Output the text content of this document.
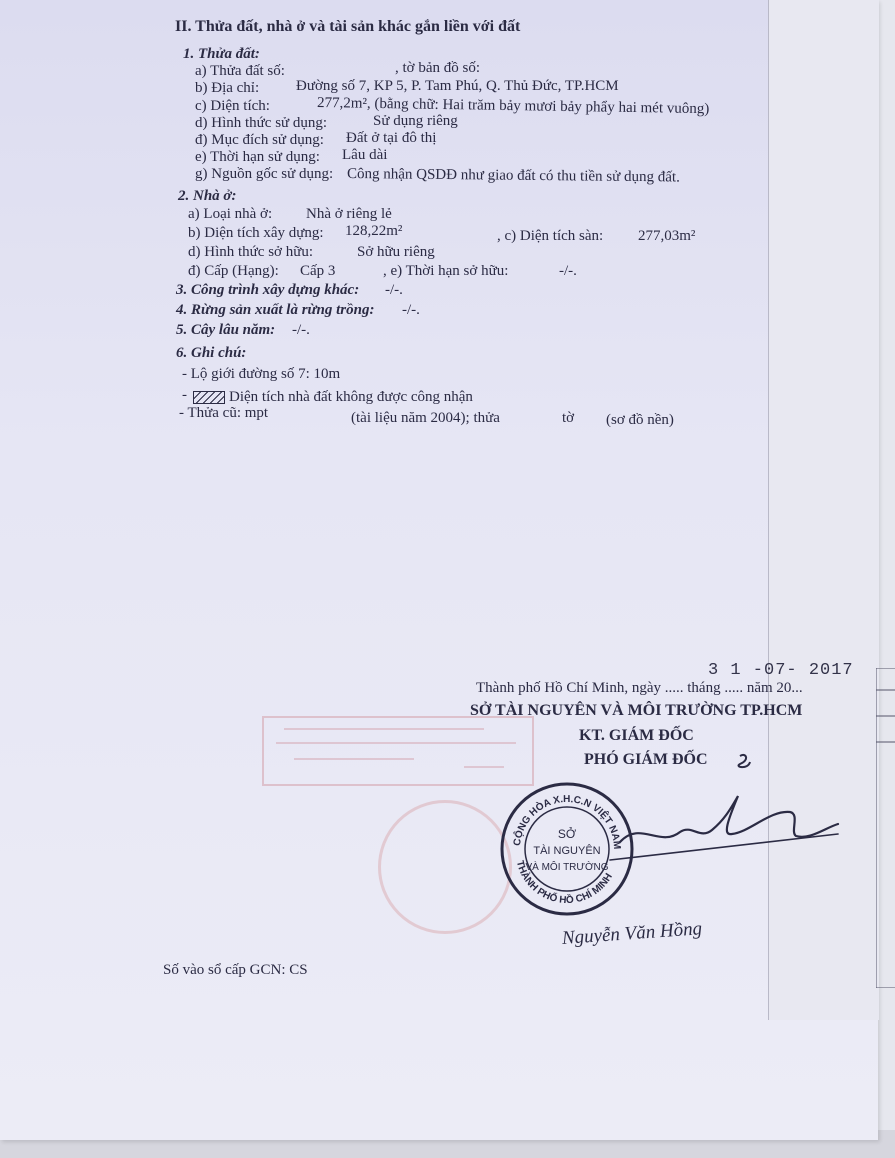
II. Thửa đất, nhà ở và tài sản khác gắn liền với đất
1. Thửa đất:
a) Thửa đất số:	, tờ bản đồ số:
b) Địa chỉ: Đường số 7, KP 5, P. Tam Phú, Q. Thủ Đức, TP.HCM
c) Diện tích:	277,2m², (bằng chữ: Hai trăm bảy mươi bảy phẩy hai mét vuông)
d) Hình thức sử dụng:	Sử dụng riêng
đ) Mục đích sử dụng: Đất ở tại đô thị
e) Thời hạn sử dụng: Lâu dài
g) Nguồn gốc sử dụng: Công nhận QSDĐ như giao đất có thu tiền sử dụng đất.
2. Nhà ở:
a) Loại nhà ở: Nhà ở riêng lẻ
b) Diện tích xây dựng: 128,22m²	, c) Diện tích sàn: 277,03m²
d) Hình thức sở hữu:	Sở hữu riêng
đ) Cấp (Hạng): Cấp 3	, e) Thời hạn sở hữu:	-/-.
3. Công trình xây dựng khác: -/-.
4. Rừng sản xuất là rừng trồng: -/-.
5. Cây lâu năm: -/-.
6. Ghi chú:
- Lộ giới đường số 7: 10m
-	Diện tích nhà đất không được công nhận
- Thửa cũ: mpt	(tài liệu năm 2004); thửa	tờ (sơ đồ nền)
3 1 -07- 2017
Thành phố Hồ Chí Minh, ngày ..... tháng ..... năm 20...
SỞ TÀI NGUYÊN VÀ MÔI TRƯỜNG TP.HCM
KT. GIÁM ĐỐC
PHÓ GIÁM ĐỐC
CỘNG HÒA X.H.C.N VIỆT NAM
THÀNH PHỐ HỒ CHÍ MINH
SỞ
TÀI NGUYÊN
VÀ MÔI TRƯỜNG
Nguyễn Văn Hồng
Số vào sổ cấp GCN: CS
